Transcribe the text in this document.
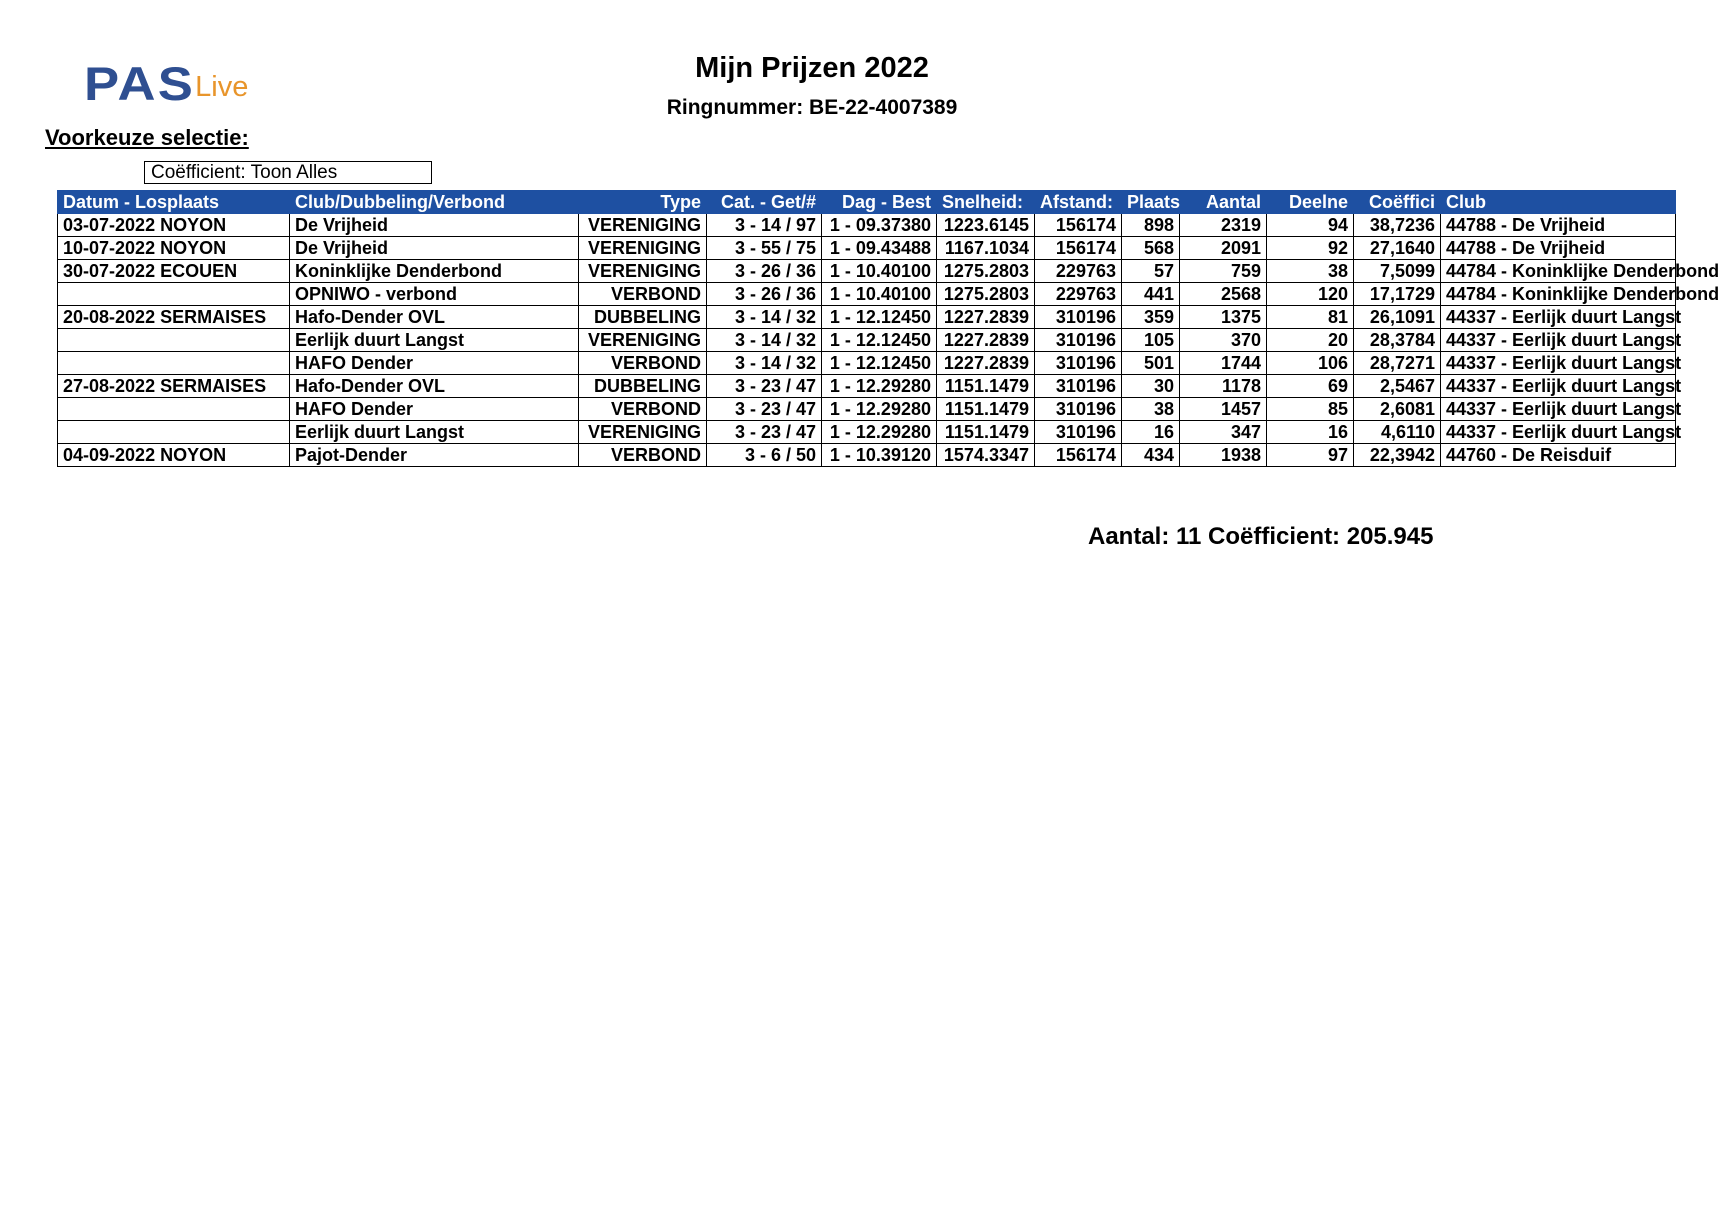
PASLive
Mijn Prijzen 2022
Ringnummer: BE-22-4007389
Voorkeuze selectie:
Coëfficient: Toon Alles
Datum - Losplaats	Club/Dubbeling/Verbond	Type	Cat. - Get/#	Dag - Best	Snelheid:	Afstand:	Plaats	Aantal	Deelne	Coëffici	Club
03-07-2022 NOYON	De Vrijheid	VERENIGING	3 - 14 / 97	1 - 09.37380	1223.6145	156174	898	2319	94	38,7236	44788 - De Vrijheid
10-07-2022 NOYON	De Vrijheid	VERENIGING	3 - 55 / 75	1 - 09.43488	1167.1034	156174	568	2091	92	27,1640	44788 - De Vrijheid
30-07-2022 ECOUEN	Koninklijke Denderbond	VERENIGING	3 - 26 / 36	1 - 10.40100	1275.2803	229763	57	759	38	7,5099	44784 - Koninklijke Denderbond
	OPNIWO - verbond	VERBOND	3 - 26 / 36	1 - 10.40100	1275.2803	229763	441	2568	120	17,1729	44784 - Koninklijke Denderbond
20-08-2022 SERMAISES	Hafo-Dender OVL	DUBBELING	3 - 14 / 32	1 - 12.12450	1227.2839	310196	359	1375	81	26,1091	44337 - Eerlijk duurt Langst
	Eerlijk duurt Langst	VERENIGING	3 - 14 / 32	1 - 12.12450	1227.2839	310196	105	370	20	28,3784	44337 - Eerlijk duurt Langst
	HAFO Dender	VERBOND	3 - 14 / 32	1 - 12.12450	1227.2839	310196	501	1744	106	28,7271	44337 - Eerlijk duurt Langst
27-08-2022 SERMAISES	Hafo-Dender OVL	DUBBELING	3 - 23 / 47	1 - 12.29280	1151.1479	310196	30	1178	69	2,5467	44337 - Eerlijk duurt Langst
	HAFO Dender	VERBOND	3 - 23 / 47	1 - 12.29280	1151.1479	310196	38	1457	85	2,6081	44337 - Eerlijk duurt Langst
	Eerlijk duurt Langst	VERENIGING	3 - 23 / 47	1 - 12.29280	1151.1479	310196	16	347	16	4,6110	44337 - Eerlijk duurt Langst
04-09-2022 NOYON	Pajot-Dender	VERBOND	3 - 6 / 50	1 - 10.39120	1574.3347	156174	434	1938	97	22,3942	44760 - De Reisduif
Aantal: 11 Coëfficient: 205.945
